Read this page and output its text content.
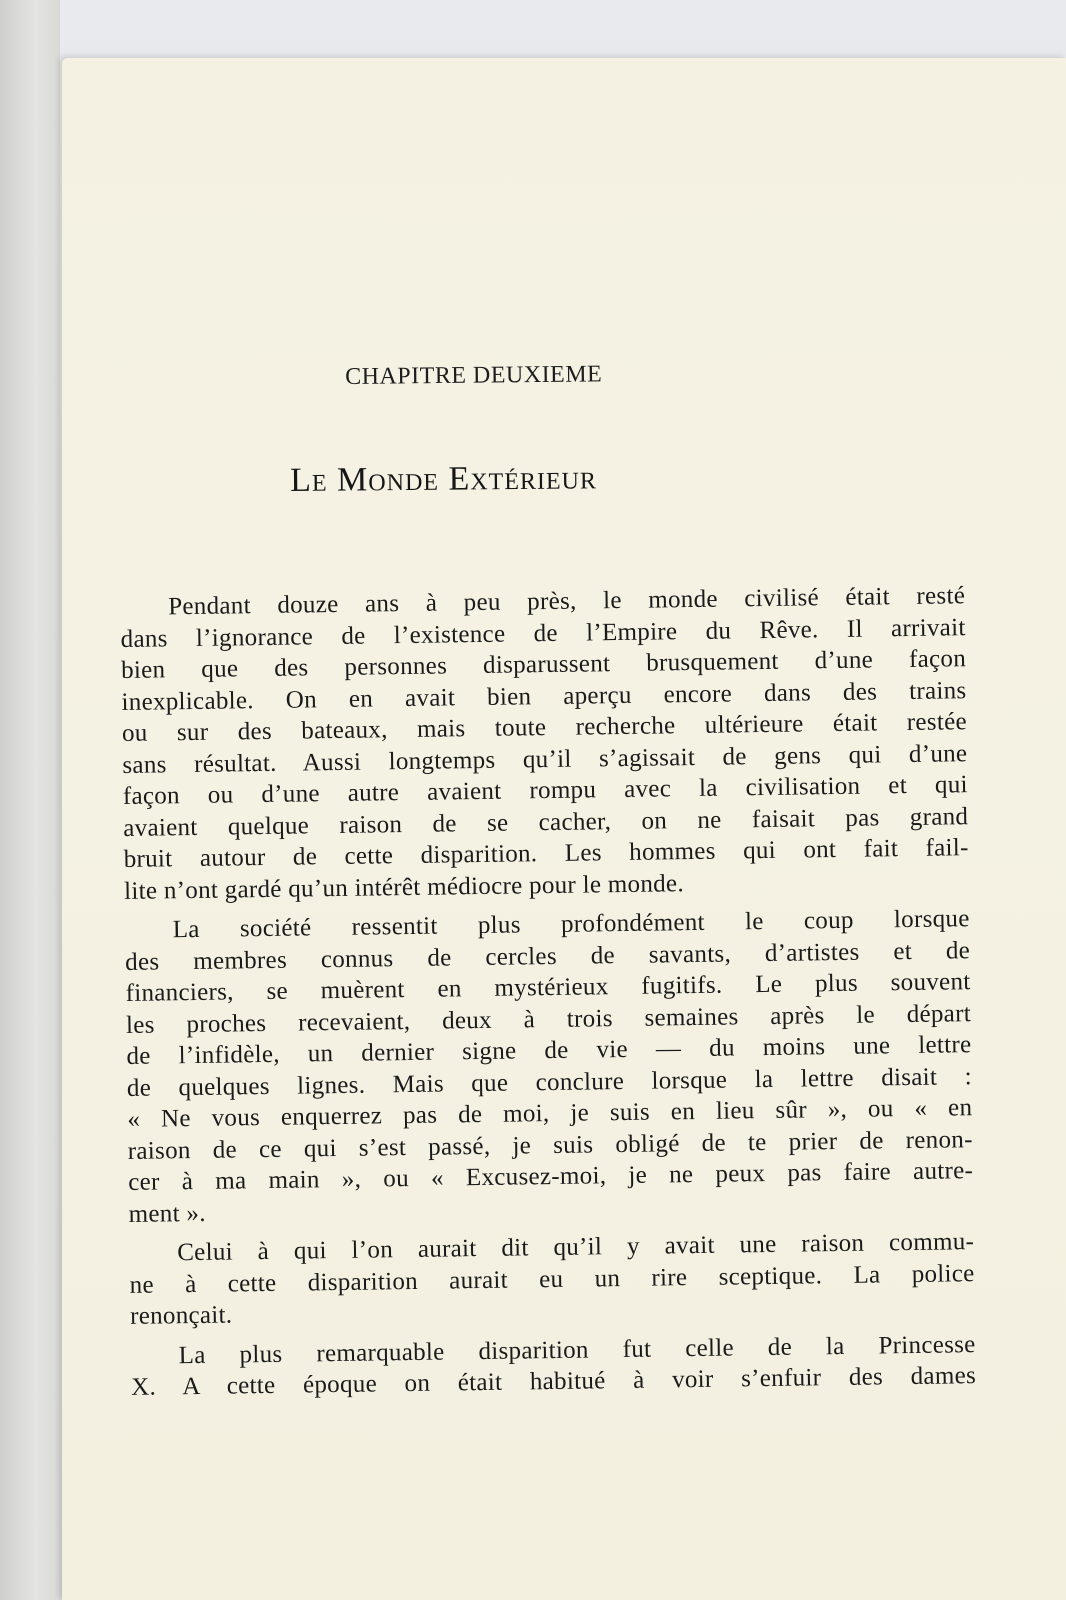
CHAPITRE DEUXIEME
Le Monde Extérieur
Pendant douze ans à peu près, le monde civilisé était resté
dans l’ignorance de l’existence de l’Empire du Rêve. Il arrivait
bien que des personnes disparussent brusquement d’une façon
inexplicable. On en avait bien aperçu encore dans des trains
ou sur des bateaux, mais toute recherche ultérieure était restée
sans résultat. Aussi longtemps qu’il s’agissait de gens qui d’une
façon ou d’une autre avaient rompu avec la civilisation et qui
avaient quelque raison de se cacher, on ne faisait pas grand
bruit autour de cette disparition. Les hommes qui ont fait fail-
lite n’ont gardé qu’un intérêt médiocre pour le monde.
La société ressentit plus profondément le coup lorsque
des membres connus de cercles de savants, d’artistes et de
financiers, se muèrent en mystérieux fugitifs. Le plus souvent
les proches recevaient, deux à trois semaines après le départ
de l’infidèle, un dernier signe de vie — du moins une lettre
de quelques lignes. Mais que conclure lorsque la lettre disait :
« Ne vous enquerrez pas de moi, je suis en lieu sûr », ou « en
raison de ce qui s’est passé, je suis obligé de te prier de renon-
cer à ma main », ou « Excusez-moi, je ne peux pas faire autre-
ment ».
Celui à qui l’on aurait dit qu’il y avait une raison commu-
ne à cette disparition aurait eu un rire sceptique. La police
renonçait.
La plus remarquable disparition fut celle de la Princesse
X. A cette époque on était habitué à voir s’enfuir des dames
